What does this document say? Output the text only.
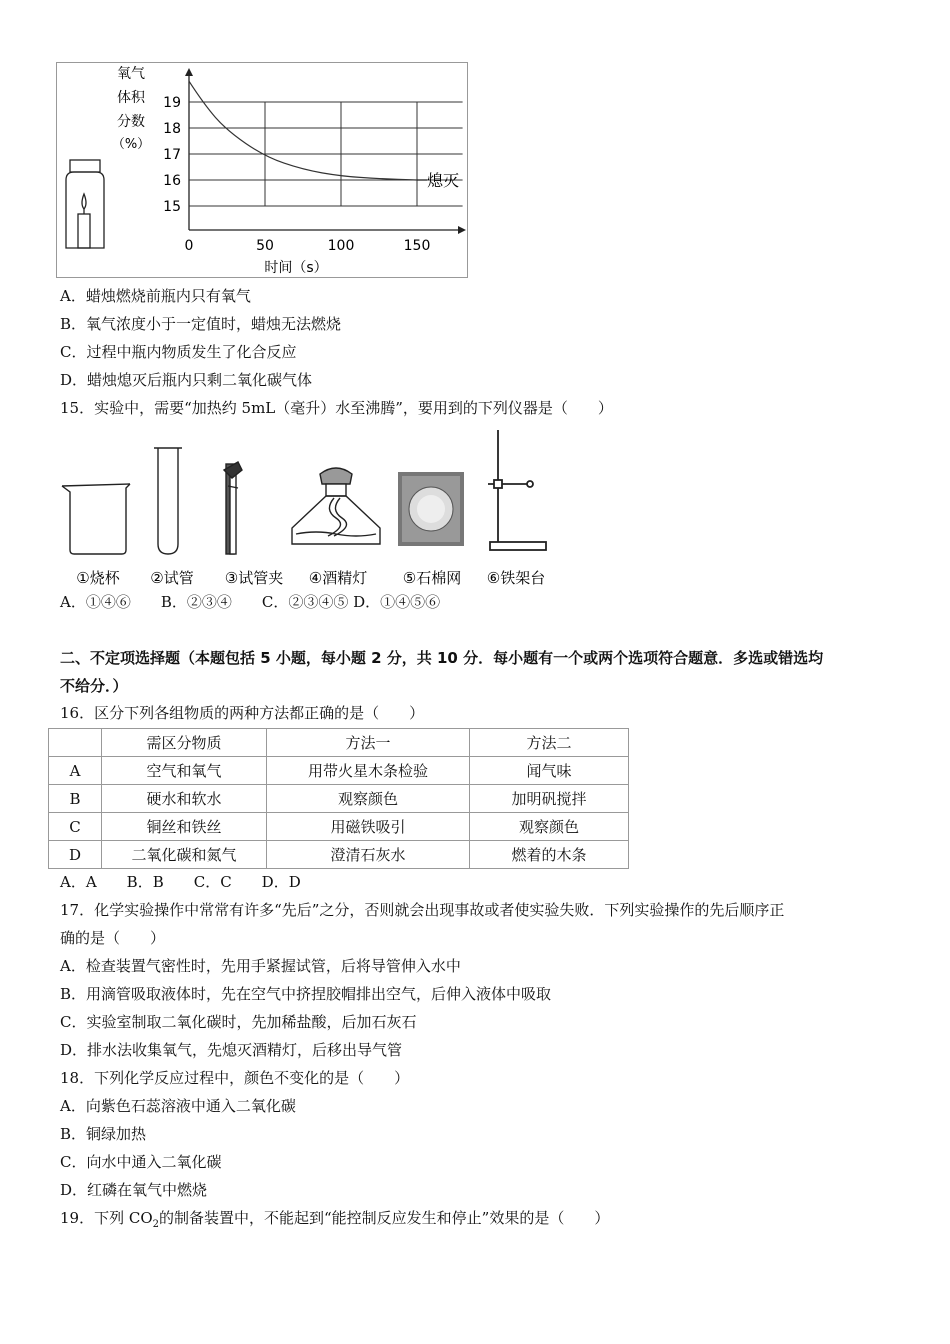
氧气
体积
分数
（%）
15
16
17
18
19
0	50	100	150
熄灭
时间（s）
A．蜡烛燃烧前瓶内只有氧气
B．氧气浓度小于一定值时，蜡烛无法燃烧
C．过程中瓶内物质发生了化合反应
D．蜡烛熄灭后瓶内只剩二氧化碳气体
15．实验中，需要“加热约 5mL（毫升）水至沸腾”，要用到的下列仪器是（　　）
①烧杯 ②试管 ③试管夹 ④酒精灯 ⑤石棉网 ⑥铁架台
A．①④⑥　　B．②③④　　C．②③④⑤ D．①④⑤⑥
二、不定项选择题（本题包括 5 小题，每小题 2 分，共 10 分．每小题有一个或两个选项符合题意．多选或错选均
不给分．）
16．区分下列各组物质的两种方法都正确的是（　　）
	需区分物质	方法一	方法二
A	空气和氧气	用带火星木条检验	闻气味
B	硬水和软水	观察颜色	加明矾搅拌
C	铜丝和铁丝	用磁铁吸引	观察颜色
D	二氧化碳和氮气	澄清石灰水	燃着的木条
A．A　　B．B　　C．C　　D．D
17．化学实验操作中常常有许多“先后”之分，否则就会出现事故或者使实验失败．下列实验操作的先后顺序正
确的是（　　）
A．检查装置气密性时，先用手紧握试管，后将导管伸入水中
B．用滴管吸取液体时，先在空气中挤捏胶帽排出空气，后伸入液体中吸取
C．实验室制取二氧化碳时，先加稀盐酸，后加石灰石
D．排水法收集氧气，先熄灭酒精灯，后移出导气管
18．下列化学反应过程中，颜色不变化的是（　　）
A．向紫色石蕊溶液中通入二氧化碳
B．铜绿加热
C．向水中通入二氧化碳
D．红磷在氧气中燃烧
19．下列 $CO_2$的制备装置中，不能起到“能控制反应发生和停止”效果的是（　　）
